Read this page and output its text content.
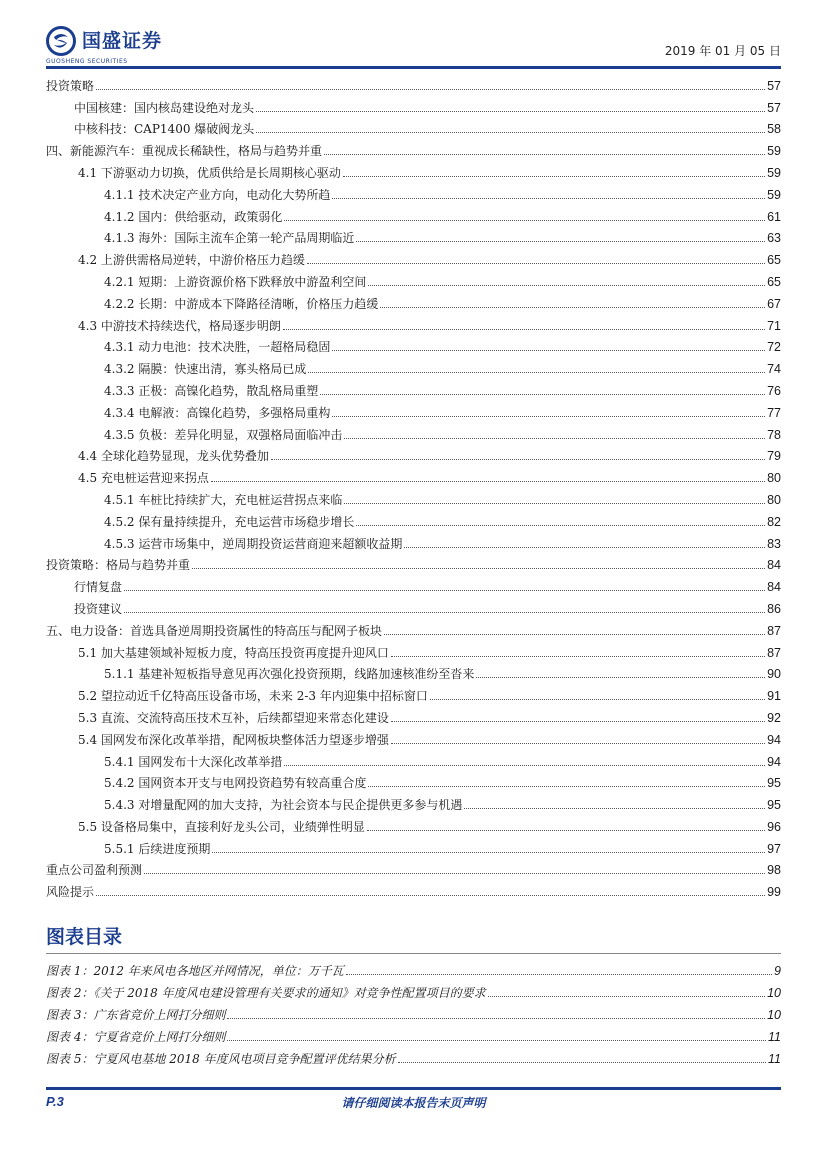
国盛证券
GUOSHENG SECURITIES
2019 年 01 月 05 日
投资策略	57
中国核建：国内核岛建设绝对龙头	57
中核科技：CAP1400 爆破阀龙头	58
四、新能源汽车：重视成长稀缺性，格局与趋势并重	59
4.1 下游驱动力切换，优质供给是长周期核心驱动	59
4.1.1 技术决定产业方向，电动化大势所趋	59
4.1.2 国内：供给驱动，政策弱化	61
4.1.3 海外：国际主流车企第一轮产品周期临近	63
4.2 上游供需格局逆转，中游价格压力趋缓	65
4.2.1 短期：上游资源价格下跌释放中游盈利空间	65
4.2.2 长期：中游成本下降路径清晰，价格压力趋缓	67
4.3 中游技术持续迭代，格局逐步明朗	71
4.3.1 动力电池：技术决胜，一超格局稳固	72
4.3.2 隔膜：快速出清，寡头格局已成	74
4.3.3 正极：高镍化趋势，散乱格局重塑	76
4.3.4 电解液：高镍化趋势，多强格局重构	77
4.3.5 负极：差异化明显，双强格局面临冲击	78
4.4 全球化趋势显现，龙头优势叠加	79
4.5 充电桩运营迎来拐点	80
4.5.1 车桩比持续扩大，充电桩运营拐点来临	80
4.5.2 保有量持续提升，充电运营市场稳步增长	82
4.5.3 运营市场集中，逆周期投资运营商迎来超额收益期	83
投资策略：格局与趋势并重	84
行情复盘	84
投资建议	86
五、电力设备：首选具备逆周期投资属性的特高压与配网子板块	87
5.1 加大基建领域补短板力度，特高压投资再度提升迎风口	87
5.1.1 基建补短板指导意见再次强化投资预期，线路加速核准纷至沓来	90
5.2 望拉动近千亿特高压设备市场，未来 2-3 年内迎集中招标窗口	91
5.3 直流、交流特高压技术互补，后续都望迎来常态化建设	92
5.4 国网发布深化改革举措，配网板块整体活力望逐步增强	94
5.4.1 国网发布十大深化改革举措	94
5.4.2 国网资本开支与电网投资趋势有较高重合度	95
5.4.3 对增量配网的加大支持，为社会资本与民企提供更多参与机遇	95
5.5 设备格局集中，直接利好龙头公司，业绩弹性明显	96
5.5.1 后续进度预期	97
重点公司盈利预测	98
风险提示	99
图表目录
图表 1：2012 年来风电各地区并网情况，单位：万千瓦	9
图表 2：《关于 2018 年度风电建设管理有关要求的通知》对竞争性配置项目的要求	10
图表 3：广东省竞价上网打分细则	10
图表 4：宁夏省竞价上网打分细则	11
图表 5：宁夏风电基地 2018 年度风电项目竞争配置评优结果分析	11
P.3	请仔细阅读本报告末页声明
